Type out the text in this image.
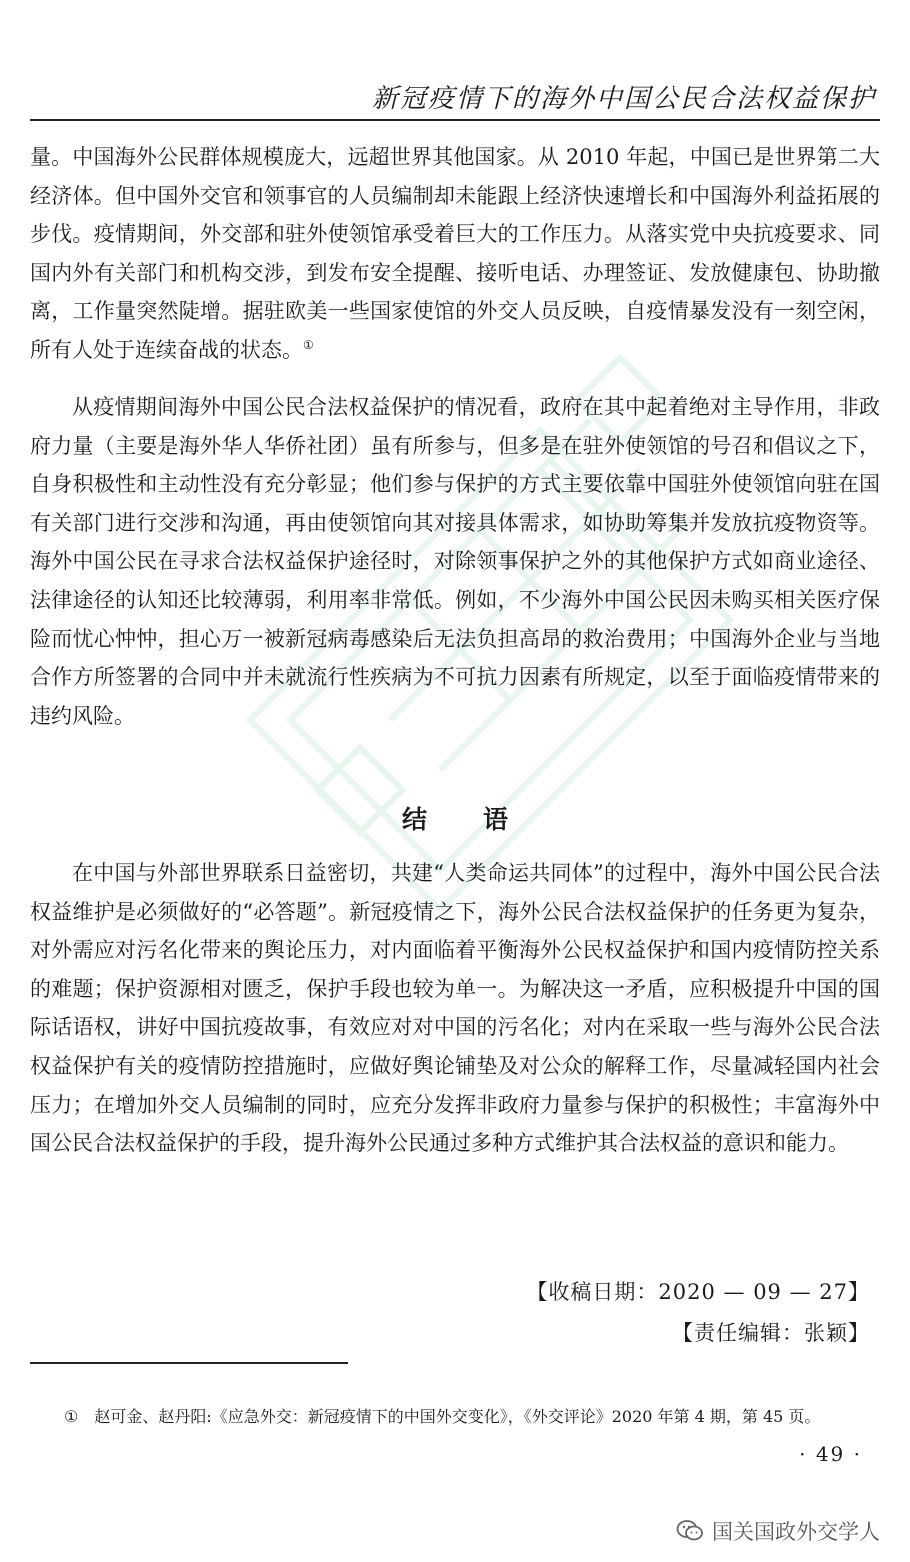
新冠疫情下的海外中国公民合法权益保护

量。中国海外公民群体规模庞大，远超世界其他国家。从 2010 年起，中国已是世界第二大经济体。但中国外交官和领事官的人员编制却未能跟上经济快速增长和中国海外利益拓展的步伐。疫情期间，外交部和驻外使领馆承受着巨大的工作压力。从落实党中央抗疫要求、同国内外有关部门和机构交涉，到发布安全提醒、接听电话、办理签证、发放健康包、协助撤离，工作量突然陡增。据驻欧美一些国家使馆的外交人员反映，自疫情暴发没有一刻空闲，所有人处于连续奋战的状态。①

从疫情期间海外中国公民合法权益保护的情况看，政府在其中起着绝对主导作用，非政府力量（主要是海外华人华侨社团）虽有所参与，但多是在驻外使领馆的号召和倡议之下，自身积极性和主动性没有充分彰显；他们参与保护的方式主要依靠中国驻外使领馆向驻在国有关部门进行交涉和沟通，再由使领馆向其对接具体需求，如协助筹集并发放抗疫物资等。海外中国公民在寻求合法权益保护途径时，对除领事保护之外的其他保护方式如商业途径、法律途径的认知还比较薄弱，利用率非常低。例如，不少海外中国公民因未购买相关医疗保险而忧心忡忡，担心万一被新冠病毒感染后无法负担高昂的救治费用；中国海外企业与当地合作方所签署的合同中并未就流行性疾病为不可抗力因素有所规定，以至于面临疫情带来的违约风险。

结语

在中国与外部世界联系日益密切，共建“人类命运共同体”的过程中，海外中国公民合法权益维护是必须做好的“必答题”。新冠疫情之下，海外公民合法权益保护的任务更为复杂，对外需应对污名化带来的舆论压力，对内面临着平衡海外公民权益保护和国内疫情防控关系的难题；保护资源相对匮乏，保护手段也较为单一。为解决这一矛盾，应积极提升中国的国际话语权，讲好中国抗疫故事，有效应对对中国的污名化；对内在采取一些与海外公民合法权益保护有关的疫情防控措施时，应做好舆论铺垫及对公众的解释工作，尽量减轻国内社会压力；在增加外交人员编制的同时，应充分发挥非政府力量参与保护的积极性；丰富海外中国公民合法权益保护的手段，提升海外公民通过多种方式维护其合法权益的意识和能力。

【收稿日期：2020 — 09 — 27】
【责任编辑：张颖】
① 赵可金、赵丹阳:《应急外交：新冠疫情下的中国外交变化》，《外交评论》2020 年第 4 期，第 45 页。
· 49 ·
国关国政外交学人
